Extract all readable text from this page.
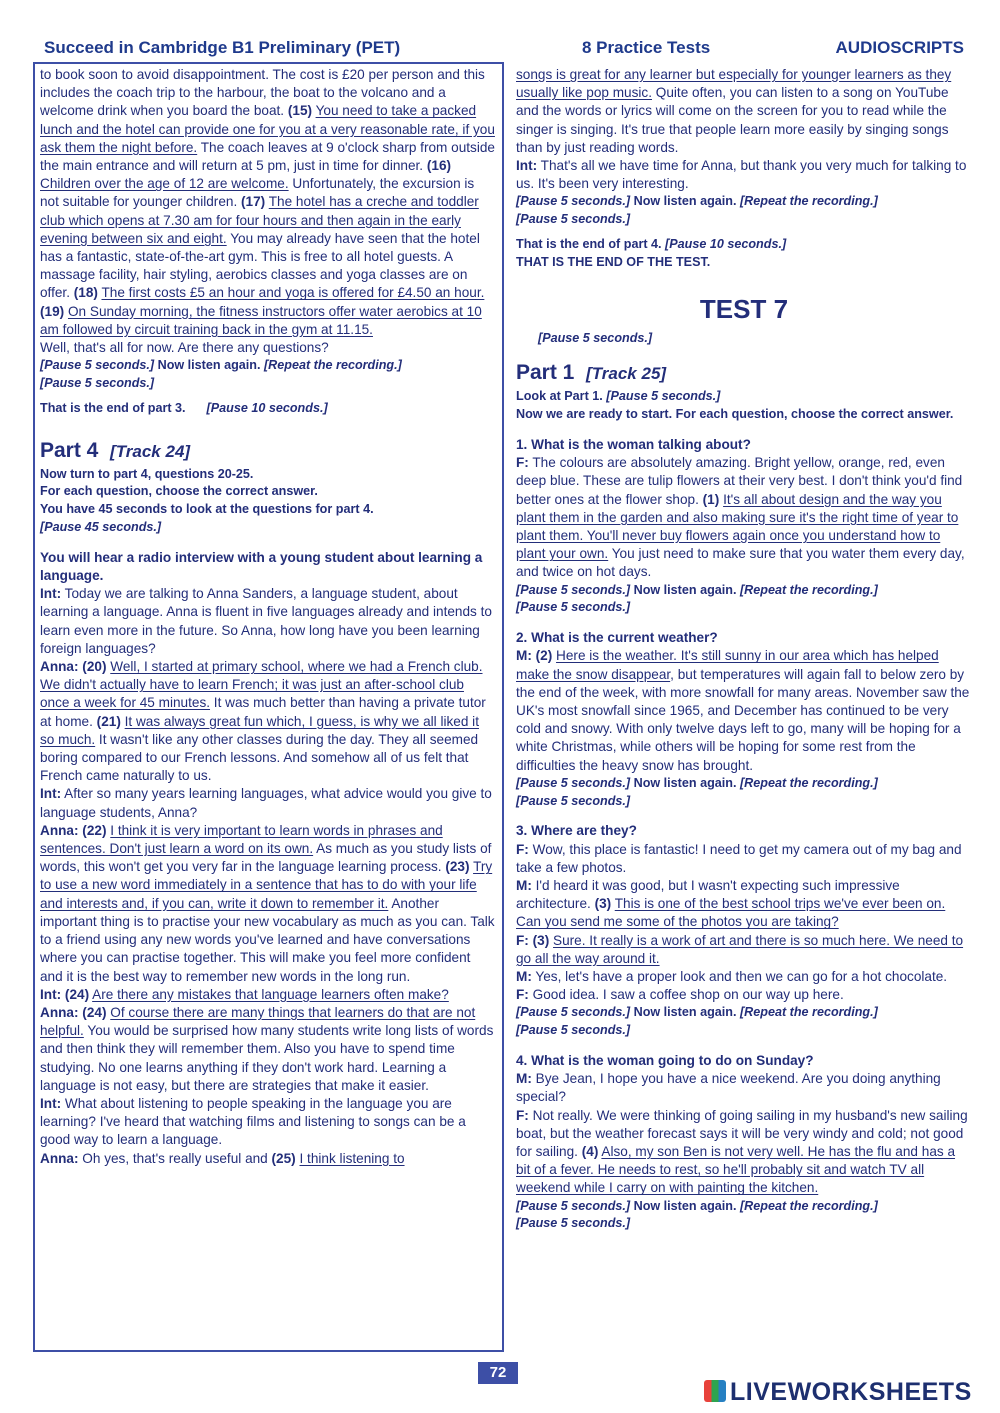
Succeed in Cambridge B1 Preliminary (PET)	8 Practice Tests	AUDIOSCRIPTS

to book soon to avoid disappointment. The cost is £20 per person and this includes the coach trip to the harbour, the boat to the volcano and a welcome drink when you board the boat. (15) You need to take a packed lunch and the hotel can provide one for you at a very reasonable rate, if you ask them the night before. The coach leaves at 9 o'clock sharp from outside the main entrance and will return at 5 pm, just in time for dinner. (16) Children over the age of 12 are welcome. Unfortunately, the excursion is not suitable for younger children. (17) The hotel has a creche and toddler club which opens at 7.30 am for four hours and then again in the early evening between six and eight. You may already have seen that the hotel has a fantastic, state-of-the-art gym. This is free to all hotel guests. A massage facility, hair styling, aerobics classes and yoga classes are on offer. (18) The first costs £5 an hour and yoga is offered for £4.50 an hour. (19) On Sunday morning, the fitness instructors offer water aerobics at 10 am followed by circuit training back in the gym at 11.15.

Well, that's all for now. Are there any questions?

[Pause 5 seconds.] Now listen again. [Repeat the recording.]

[Pause 5 seconds.]

That is the end of part 3. [Pause 10 seconds.]

Part 4 [Track 24]

Now turn to part 4, questions 20-25.

For each question, choose the correct answer.

You have 45 seconds to look at the questions for part 4.

[Pause 45 seconds.]

You will hear a radio interview with a young student about learning a language.

Int: Today we are talking to Anna Sanders, a language student, about learning a language. Anna is fluent in five languages already and intends to learn even more in the future. So Anna, how long have you been learning foreign languages?

Anna: (20) Well, I started at primary school, where we had a French club. We didn't actually have to learn French; it was just an after-school club once a week for 45 minutes. It was much better than having a private tutor at home. (21) It was always great fun which, I guess, is why we all liked it so much. It wasn't like any other classes during the day. They all seemed boring compared to our French lessons. And somehow all of us felt that French came naturally to us.

Int: After so many years learning languages, what advice would you give to language students, Anna?

Anna: (22) I think it is very important to learn words in phrases and sentences. Don't just learn a word on its own. As much as you study lists of words, this won't get you very far in the language learning process. (23) Try to use a new word immediately in a sentence that has to do with your life and interests and, if you can, write it down to remember it. Another important thing is to practise your new vocabulary as much as you can. Talk to a friend using any new words you've learned and have conversations where you can practise together. This will make you feel more confident and it is the best way to remember new words in the long run.

Int: (24) Are there any mistakes that language learners often make?

Anna: (24) Of course there are many things that learners do that are not helpful. You would be surprised how many students write long lists of words and then think they will remember them. Also you have to spend time studying. No one learns anything if they don't work hard. Learning a language is not easy, but there are strategies that make it easier.

Int: What about listening to people speaking in the language you are learning? I've heard that watching films and listening to songs can be a good way to learn a language.

Anna: Oh yes, that's really useful and (25) I think listening to

songs is great for any learner but especially for younger learners as they usually like pop music. Quite often, you can listen to a song on YouTube and the words or lyrics will come on the screen for you to read while the singer is singing. It's true that people learn more easily by singing songs than by just reading words.

Int: That's all we have time for Anna, but thank you very much for talking to us. It's been very interesting.

[Pause 5 seconds.] Now listen again. [Repeat the recording.]

[Pause 5 seconds.]

That is the end of part 4. [Pause 10 seconds.]

THAT IS THE END OF THE TEST.

TEST 7

[Pause 5 seconds.]

Part 1 [Track 25]

Look at Part 1. [Pause 5 seconds.]

Now we are ready to start. For each question, choose the correct answer.

1. What is the woman talking about?

F: The colours are absolutely amazing. Bright yellow, orange, red, even deep blue. These are tulip flowers at their very best. I don't think you'd find better ones at the flower shop. (1) It's all about design and the way you plant them in the garden and also making sure it's the right time of year to plant them. You'll never buy flowers again once you understand how to plant your own. You just need to make sure that you water them every day, and twice on hot days.

[Pause 5 seconds.] Now listen again. [Repeat the recording.]

[Pause 5 seconds.]

2. What is the current weather?

M: (2) Here is the weather. It's still sunny in our area which has helped make the snow disappear, but temperatures will again fall to below zero by the end of the week, with more snowfall for many areas. November saw the UK's most snowfall since 1965, and December has continued to be very cold and snowy. With only twelve days left to go, many will be hoping for a white Christmas, while others will be hoping for some rest from the difficulties the heavy snow has brought.

[Pause 5 seconds.] Now listen again. [Repeat the recording.]

[Pause 5 seconds.]

3. Where are they?

F: Wow, this place is fantastic! I need to get my camera out of my bag and take a few photos.

M: I'd heard it was good, but I wasn't expecting such impressive architecture. (3) This is one of the best school trips we've ever been on. Can you send me some of the photos you are taking?

F: (3) Sure. It really is a work of art and there is so much here. We need to go all the way around it.

M: Yes, let's have a proper look and then we can go for a hot chocolate.

F: Good idea. I saw a coffee shop on our way up here.

[Pause 5 seconds.] Now listen again. [Repeat the recording.]

[Pause 5 seconds.]

4. What is the woman going to do on Sunday?

M: Bye Jean, I hope you have a nice weekend. Are you doing anything special?

F: Not really. We were thinking of going sailing in my husband's new sailing boat, but the weather forecast says it will be very windy and cold; not good for sailing. (4) Also, my son Ben is not very well. He has the flu and has a bit of a fever. He needs to rest, so he'll probably sit and watch TV all weekend while I carry on with painting the kitchen.

[Pause 5 seconds.] Now listen again. [Repeat the recording.]

[Pause 5 seconds.]

72
LIVEWORKSHEETS
